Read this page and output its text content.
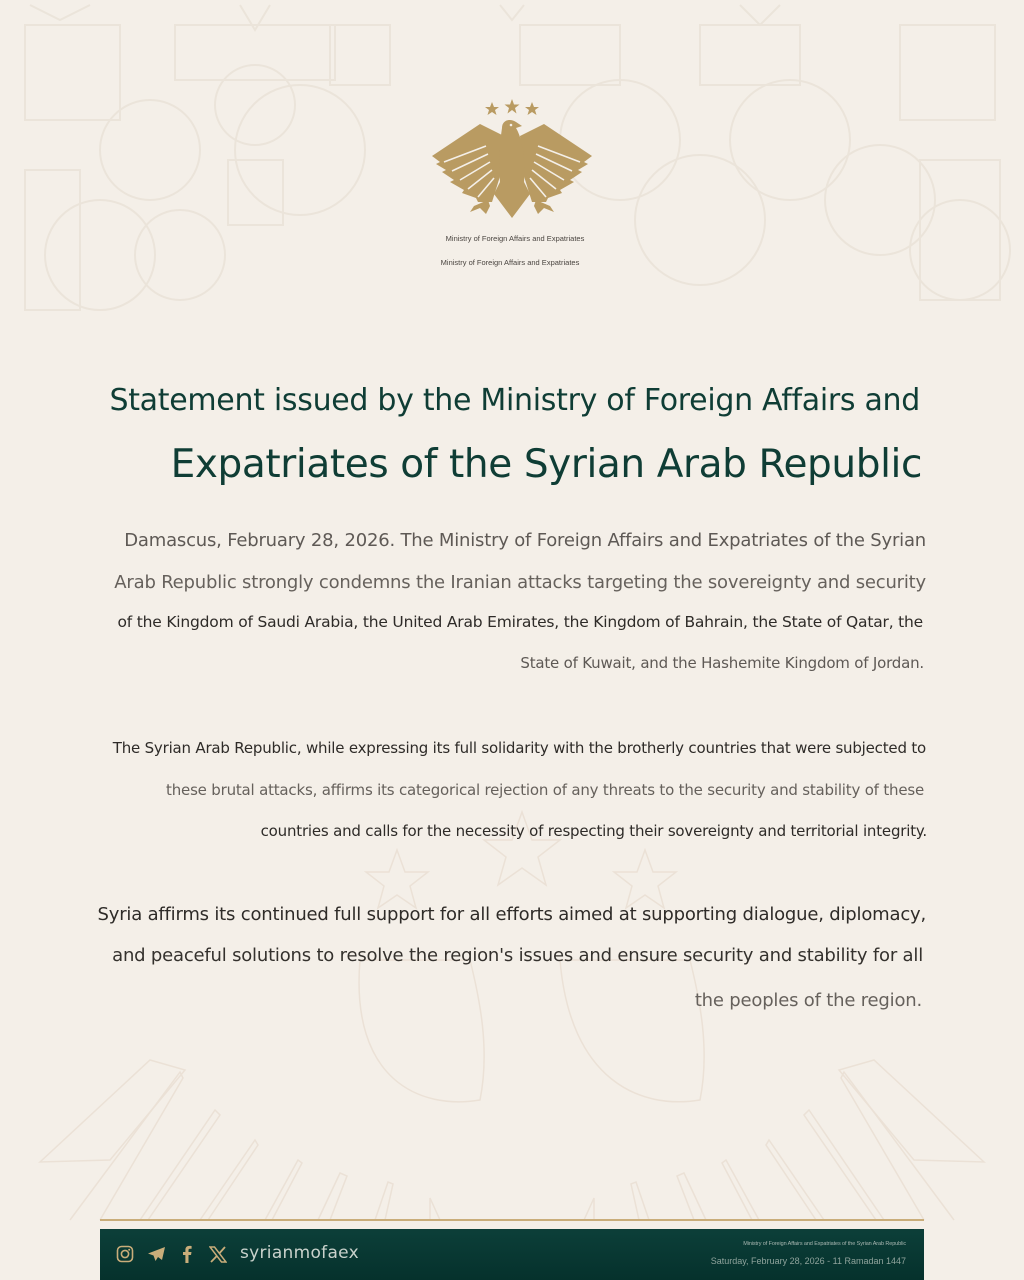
Ministry of Foreign Affairs and Expatriates
Ministry of Foreign Affairs and Expatriates
Statement issued by the Ministry of Foreign Affairs and
Expatriates of the Syrian Arab Republic
Damascus, February 28, 2026. The Ministry of Foreign Affairs and Expatriates of the Syrian
Arab Republic strongly condemns the Iranian attacks targeting the sovereignty and security
of the Kingdom of Saudi Arabia, the United Arab Emirates, the Kingdom of Bahrain, the State of Qatar, the
State of Kuwait, and the Hashemite Kingdom of Jordan.
The Syrian Arab Republic, while expressing its full solidarity with the brotherly countries that were subjected to
these brutal attacks, affirms its categorical rejection of any threats to the security and stability of these
countries and calls for the necessity of respecting their sovereignty and territorial integrity.
Syria affirms its continued full support for all efforts aimed at supporting dialogue, diplomacy,
and peaceful solutions to resolve the region's issues and ensure security and stability for all
the peoples of the region.
syrianmofaex	Ministry of Foreign Affairs and Expatriates of the Syrian Arab Republic
Saturday, February 28, 2026 - 11 Ramadan 1447
